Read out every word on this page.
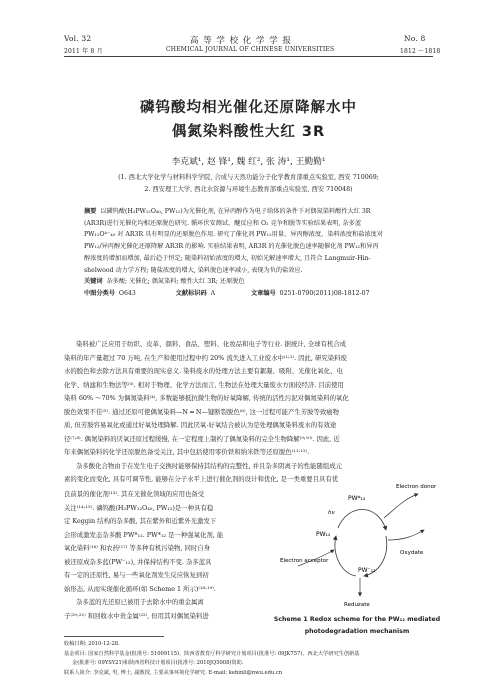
Vol. 32	高 等 学 校 化 学 学 报	No. 8
2011 年 8 月	CHEMICAL JOURNAL OF CHINESE UNIVERSITIES	1812 ～1818
磷钨酸均相光催化还原降解水中
偶氮染料酸性大红 3R
李克斌¹, 赵 锋¹, 魏 红², 张 涛¹, 王勤勤¹
(1. 西北大学化学与材料科学学院, 合成与天然功能分子化学教育部重点实验室, 西安 710069;
2. 西安理工大学, 西北水资源与环境生态教育部重点实验室, 西安 710048)
摘要 以磷钨酸(H₃PW₁₂O₄₀, PW₁₂)为光催化剂, 在异丙醇作为电子给体的条件下对偶氮染料酸性大红 3R
(AR3R)进行光催化均相还原脱色研究. 循环伏安测试、醚反应和 O₂ 竞争和脱等实验结果表明, 杂多蓝
PW₁₂O⁴⁻₄₀ 对 AR3R 具有明显的还原脱色作用. 研究了催化剂 PW₁₂用量、异丙醇浓度、染料浓度和盐浓度对
PW₁₂/异丙醇光催化还原降解 AR3R 的影响. 实验结果表明, AR3R 的光催化脱色速率随催化剂 PW₁₂和异丙
醇浓度的增加而增加, 最后趋于恒定; 随染料初始浓度的增大, 初始光解速率增大, 且符合 Langmuir-Hin-
shelwood 动力学方程; 随盐浓度的增大, 染料脱色速率减小, 表现为负的盐效应.
关键词 杂多酸; 光催化; 偶氮染料; 酸性大红 3R; 还原脱色
中图分类号 O643	文献标识码 A	文章编号 0251-0790(2011)08-1812-07

染料被广泛应用于纺织、皮革、颜料、食品、塑料、化妆品和电子等行业. 据统计, 全球有机合成

染料的年产量超过 70 万吨, 在生产和使用过程中约 20% 流失进入工业废水中⁽¹˒²⁾. 因此, 研究染料废

水的脱色和去除方法具有重要的现实意义. 染料废水的处理方法主要有絮凝、吸附、光催化氧化、电

化学、纳滤和生物法等⁽³⁾. 相对于物理、化学方法而言, 生物法在处理大量废水方面较经济. 目前使用

染料 60% ～70% 为偶氮染料⁽⁴⁾, 多数能够抵抗微生物的好氧降解, 传统的活性污泥对偶氮染料的氧化

脱色效果不佳⁽⁵⁾. 通过还原可使偶氮染料—N ═ N—键断裂脱色⁽⁶⁾, 这一过程可能产生芳胺等致癌物

质, 但芳胺容易氧化或通过好氧处理降解. 因此厌氧-好氧结合被认为是处理偶氮染料废水的有效途

径⁽⁷˒⁸⁾. 偶氮染料的厌氧还原过程缓慢, 在一定程度上制约了偶氮染料的完全生物降解⁽⁹˒¹⁰⁾. 因此, 近

年来偶氮染料的化学还原脱色备受关注, 其中包括使用零价铁和纳米铁等还原脱色⁽¹¹˒¹²⁾.

杂多酸化合物由于在发生电子交换时能够保持其结构的完整性, 并且杂多阴离子的性能随组成元

素的变化而变化, 具有可调节性, 能够在分子水平上进行催化剂的设计和优化, 是一类重要且具有优

良前景的催化剂⁽¹³⁾. 其在光催化领域的应用也备受

关注⁽¹⁴˒¹⁵⁾. 磷钨酸(H₃PW₁₂O₄₀, PW₁₂)是一种具有稳

定 Keggin 结构的杂多酸, 其在紫外和近紫外光激发下

会形成激发态杂多酸 PW*₁₂. PW*₁₂ 是一种强氧化剂, 能

氧化染料⁽¹⁶⁾ 和农药⁽¹⁷⁾ 等多种有机污染物, 同时自身

被还原成杂多蓝(PW⁻₁₂), 并保持结构不变. 杂多蓝具

有一定的还原性, 易与一些氧化剂发生反应恢复到初

始形态, 从而实现催化循环(如 Scheme 1 所示)⁽¹⁸˒¹⁹⁾.

杂多蓝的光还原已被用于去除水中的重金属离

子⁽²⁰˒²¹⁾ 和回收水中贵金属⁽²²⁾, 但用其对偶氮染料进

PW*₁₂
PW₁₂
hν
Electron donor
Electron acceptor
Oxydate
PW⁻₁₂
Reduzate
Scheme 1 Redox scheme for the PW₁₂ mediated
photodegradation mechanism
收稿日期: 2010-12-28.
基金项目: 国家自然科学基金(批准号: 51009115)、陕西省教育厅科学研究计划项目(批准号: 09JK757)、西北大学研究生创新基
金(批准号: 09YSY21)和陕西省科技计划项目(批准号: 2010JQ5008)资助.
联系人简介: 李克斌, 男, 博士, 副教授, 主要从事环境化学研究. E-mail: kebinli@nwu.edu.cn
